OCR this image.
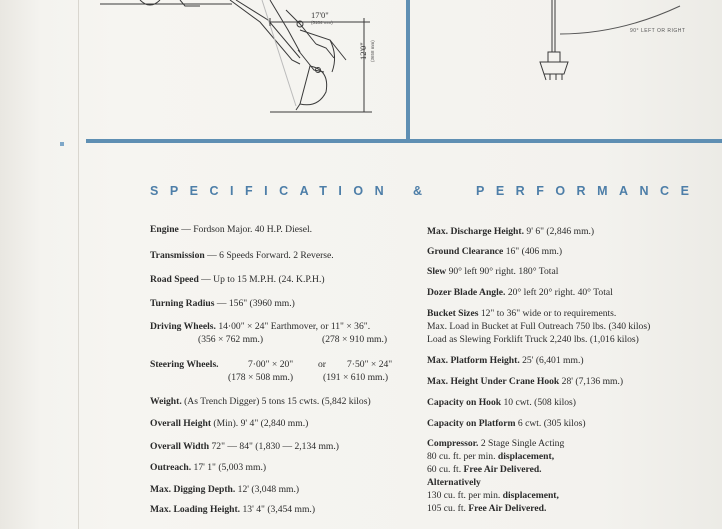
17'0"
(5184 mm)
12'0" (3658 mm)
90° LEFT OR RIGHT
SPECIFICATION &	PERFORMANCE
Engine — Fordson Major. 40 H.P. Diesel.
Transmission — 6 Speeds Forward. 2 Reverse.
Road Speed — Up to 15 M.P.H. (24. K.P.H.)
Turning Radius — 156" (3960 mm.)
Driving Wheels. 14·00" × 24" Earthmover, or 11" × 36".
(356 × 762 mm.)	(278 × 910 mm.)
Steering Wheels.	7·00" × 20"	or 7·50" × 24"
(178 × 508 mm.)	(191 × 610 mm.)
Weight. (As Trench Digger) 5 tons 15 cwts. (5,842 kilos)
Overall Height (Min). 9' 4" (2,840 mm.)
Overall Width 72" — 84" (1,830 — 2,134 mm.)
Outreach. 17' 1" (5,003 mm.)
Max. Digging Depth. 12' (3,048 mm.)
Max. Loading Height. 13' 4" (3,454 mm.)
Max. Discharge Height. 9' 6" (2,846 mm.)
Ground Clearance 16" (406 mm.)
Slew 90° left 90° right. 180° Total
Dozer Blade Angle. 20° left 20° right. 40° Total
Bucket Sizes 12" to 36" wide or to requirements.
Max. Load in Bucket at Full Outreach 750 lbs. (340 kilos)
Load as Slewing Forklift Truck 2,240 lbs. (1,016 kilos)
Max. Platform Height. 25' (6,401 mm.)
Max. Height Under Crane Hook 28' (7,136 mm.)
Capacity on Hook 10 cwt. (508 kilos)
Capacity on Platform 6 cwt. (305 kilos)
Compressor. 2 Stage Single Acting
80 cu. ft. per min. displacement,
60 cu. ft. Free Air Delivered.
Alternatively
130 cu. ft. per min. displacement,
105 cu. ft. Free Air Delivered.
